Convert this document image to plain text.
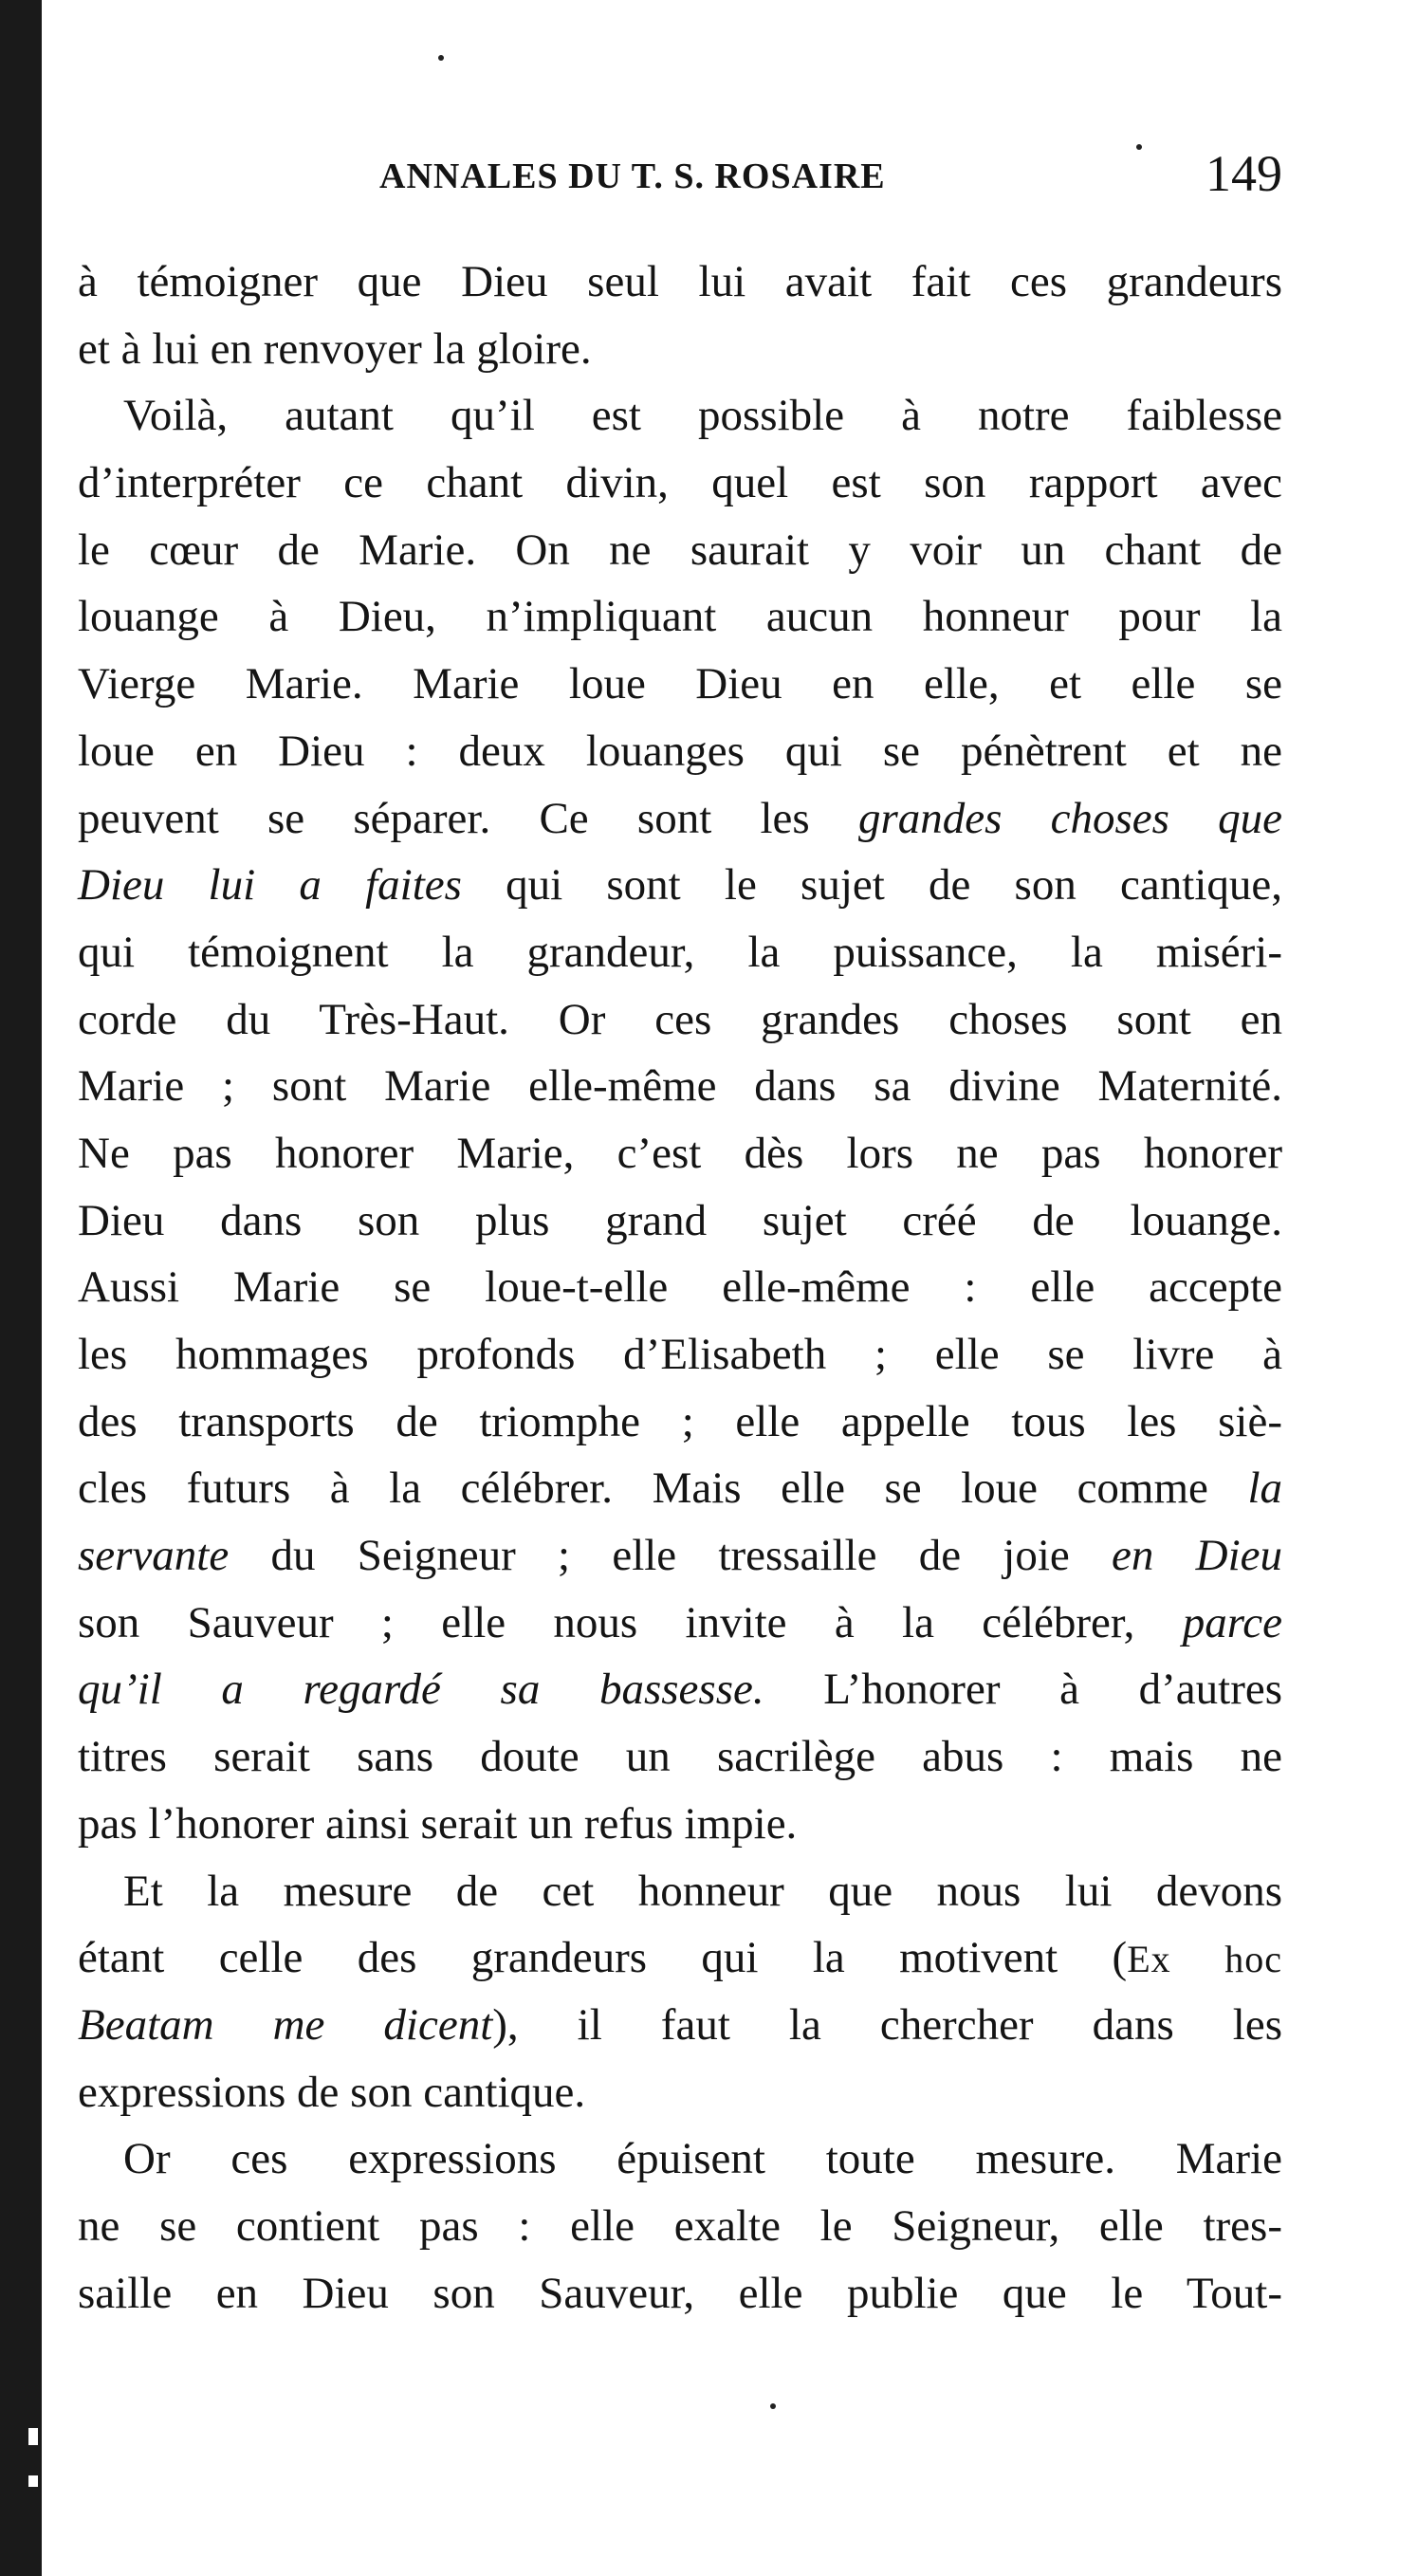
ANNALES DU T. S. ROSAIRE	149
à témoigner que Dieu seul lui avait fait ces grandeurs
et à lui en renvoyer la gloire.
Voilà, autant qu’il est possible à notre faiblesse
d’interpréter ce chant divin, quel est son rapport avec
le cœur de Marie. On ne saurait y voir un chant de
louange à Dieu, n’impliquant aucun honneur pour la
Vierge Marie. Marie loue Dieu en elle, et elle se
loue en Dieu : deux louanges qui se pénètrent et ne
peuvent se séparer. Ce sont les grandes choses que
Dieu lui a faites qui sont le sujet de son cantique,
qui témoignent la grandeur, la puissance, la miséri-
corde du Très-Haut. Or ces grandes choses sont en
Marie ; sont Marie elle-même dans sa divine Maternité.
Ne pas honorer Marie, c’est dès lors ne pas honorer
Dieu dans son plus grand sujet créé de louange.
Aussi Marie se loue-t-elle elle-même : elle accepte
les hommages profonds d’Elisabeth ; elle se livre à
des transports de triomphe ; elle appelle tous les siè-
cles futurs à la célébrer. Mais elle se loue comme la
servante du Seigneur ; elle tressaille de joie en Dieu
son Sauveur ; elle nous invite à la célébrer, parce
qu’il a regardé sa bassesse. L’honorer à d’autres
titres serait sans doute un sacrilège abus : mais ne
pas l’honorer ainsi serait un refus impie.
Et la mesure de cet honneur que nous lui devons
étant celle des grandeurs qui la motivent (Ex hoc
Beatam me dicent), il faut la chercher dans les
expressions de son cantique.
Or ces expressions épuisent toute mesure. Marie
ne se contient pas : elle exalte le Seigneur, elle tres-
saille en Dieu son Sauveur, elle publie que le Tout-
